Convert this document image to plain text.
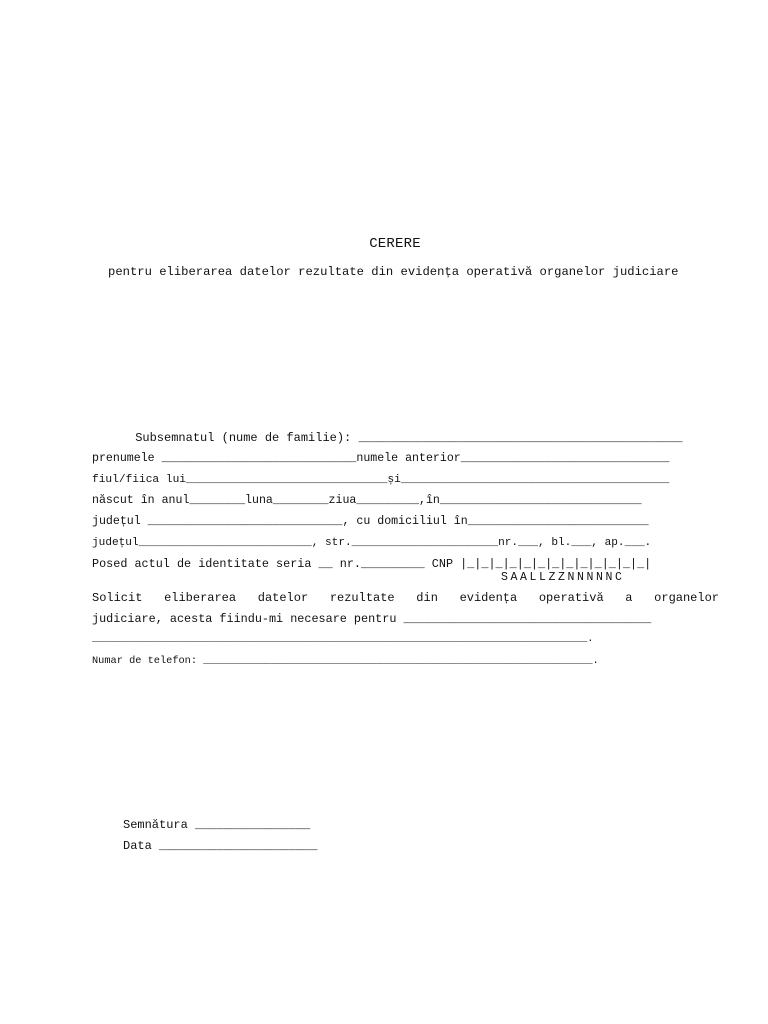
CERERE
pentru eliberarea datelor rezultate din evidența operativă organelor judiciare
Subsemnatul (nume de familie): _____________________________________________
prenumele ____________________________numele anterior______________________________
fiul/fiica lui______________________________și________________________________________
născut în anul________luna________ziua_________,în_____________________________
județul ____________________________, cu domiciliul în__________________________
județul__________________________, str.______________________nr.___, bl.___, ap.___.
Posed actul de identitate seria __ nr._________ CNP |_|_|_|_|_|_|_|_|_|_|_|_|_|
SAALLZZNNNNNC
Solicit eliberarea datelor rezultate din evidența operativă a organelor
judiciare, acesta fiindu-mi necesare pentru ___________________________________
_________________________________________________________________________________.
Numar de telefon: _______________________________________________________________.
Semnătura ________________
Data ______________________
